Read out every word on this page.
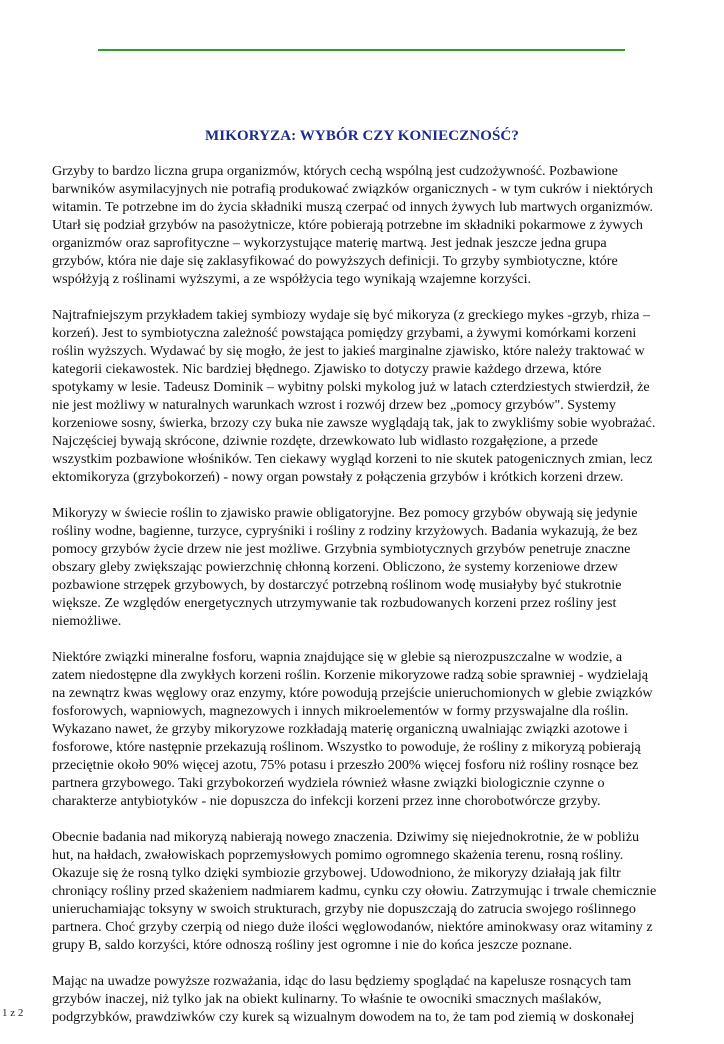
MIKORYZA: WYBÓR CZY KONIECZNOŚĆ?
Grzyby to bardzo liczna grupa organizmów, których cechą wspólną jest cudzożywność. Pozbawione
barwników asymilacyjnych nie potrafią produkować związków organicznych - w tym cukrów i niektórych
witamin. Te potrzebne im do życia składniki muszą czerpać od innych żywych lub martwych organizmów.
Utarł się podział grzybów na pasożytnicze, które pobierają potrzebne im składniki pokarmowe z żywych
organizmów oraz saprofityczne – wykorzystujące materię martwą. Jest jednak jeszcze jedna grupa
grzybów, która nie daje się zaklasyfikować do powyższych definicji. To grzyby symbiotyczne, które
współżyją z roślinami wyższymi, a ze współżycia tego wynikają wzajemne korzyści.
Najtrafniejszym przykładem takiej symbiozy wydaje się być mikoryza (z greckiego mykes -grzyb, rhiza –
korzeń). Jest to symbiotyczna zależność powstająca pomiędzy grzybami, a żywymi komórkami korzeni
roślin wyższych. Wydawać by się mogło, że jest to jakieś marginalne zjawisko, które należy traktować w
kategorii ciekawostek. Nic bardziej błędnego. Zjawisko to dotyczy prawie każdego drzewa, które
spotykamy w lesie. Tadeusz Dominik – wybitny polski mykolog już w latach czterdziestych stwierdził, że
nie jest możliwy w naturalnych warunkach wzrost i rozwój drzew bez „pomocy grzybów". Systemy
korzeniowe sosny, świerka, brzozy czy buka nie zawsze wyglądają tak, jak to zwykliśmy sobie wyobrażać.
Najczęściej bywają skrócone, dziwnie rozdęte, drzewkowato lub widlasto rozgałęzione, a przede
wszystkim pozbawione włośników. Ten ciekawy wygląd korzeni to nie skutek patogenicznych zmian, lecz
ektomikoryza (grzybokorzeń) - nowy organ powstały z połączenia grzybów i krótkich korzeni drzew.
Mikoryzy w świecie roślin to zjawisko prawie obligatoryjne. Bez pomocy grzybów obywają się jedynie
rośliny wodne, bagienne, turzyce, cypryśniki i rośliny z rodziny krzyżowych. Badania wykazują, że bez
pomocy grzybów życie drzew nie jest możliwe. Grzybnia symbiotycznych grzybów penetruje znaczne
obszary gleby zwiększając powierzchnię chłonną korzeni. Obliczono, że systemy korzeniowe drzew
pozbawione strzępek grzybowych, by dostarczyć potrzebną roślinom wodę musiałyby być stukrotnie
większe. Ze względów energetycznych utrzymywanie tak rozbudowanych korzeni przez rośliny jest
niemożliwe.
Niektóre związki mineralne fosforu, wapnia znajdujące się w glebie są nierozpuszczalne w wodzie, a
zatem niedostępne dla zwykłych korzeni roślin. Korzenie mikoryzowe radzą sobie sprawniej - wydzielają
na zewnątrz kwas węglowy oraz enzymy, które powodują przejście unieruchomionych w glebie związków
fosforowych, wapniowych, magnezowych i innych mikroelementów w formy przyswajalne dla roślin.
Wykazano nawet, że grzyby mikoryzowe rozkładają materię organiczną uwalniając związki azotowe i
fosforowe, które następnie przekazują roślinom. Wszystko to powoduje, że rośliny z mikoryzą pobierają
przeciętnie około 90% więcej azotu, 75% potasu i przeszło 200% więcej fosforu niż rośliny rosnące bez
partnera grzybowego. Taki grzybokorzeń wydziela również własne związki biologicznie czynne o
charakterze antybiotyków - nie dopuszcza do infekcji korzeni przez inne chorobotwórcze grzyby.
Obecnie badania nad mikoryzą nabierają nowego znaczenia. Dziwimy się niejednokrotnie, że w pobliżu
hut, na hałdach, zwałowiskach poprzemysłowych pomimo ogromnego skażenia terenu, rosną rośliny.
Okazuje się że rosną tylko dzięki symbiozie grzybowej. Udowodniono, że mikoryzy działają jak filtr
chroniący rośliny przed skażeniem nadmiarem kadmu, cynku czy ołowiu. Zatrzymując i trwale chemicznie
unieruchamiając toksyny w swoich strukturach, grzyby nie dopuszczają do zatrucia swojego roślinnego
partnera. Choć grzyby czerpią od niego duże ilości węglowodanów, niektóre aminokwasy oraz witaminy z
grupy B, saldo korzyści, które odnoszą rośliny jest ogromne i nie do końca jeszcze poznane.
Mając na uwadze powyższe rozważania, idąc do lasu będziemy spoglądać na kapelusze rosnących tam
grzybów inaczej, niż tylko jak na obiekt kulinarny. To właśnie te owocniki smacznych maślaków,
podgrzybków, prawdziwków czy kurek są wizualnym dowodem na to, że tam pod ziemią w doskonałej
1 z 2
